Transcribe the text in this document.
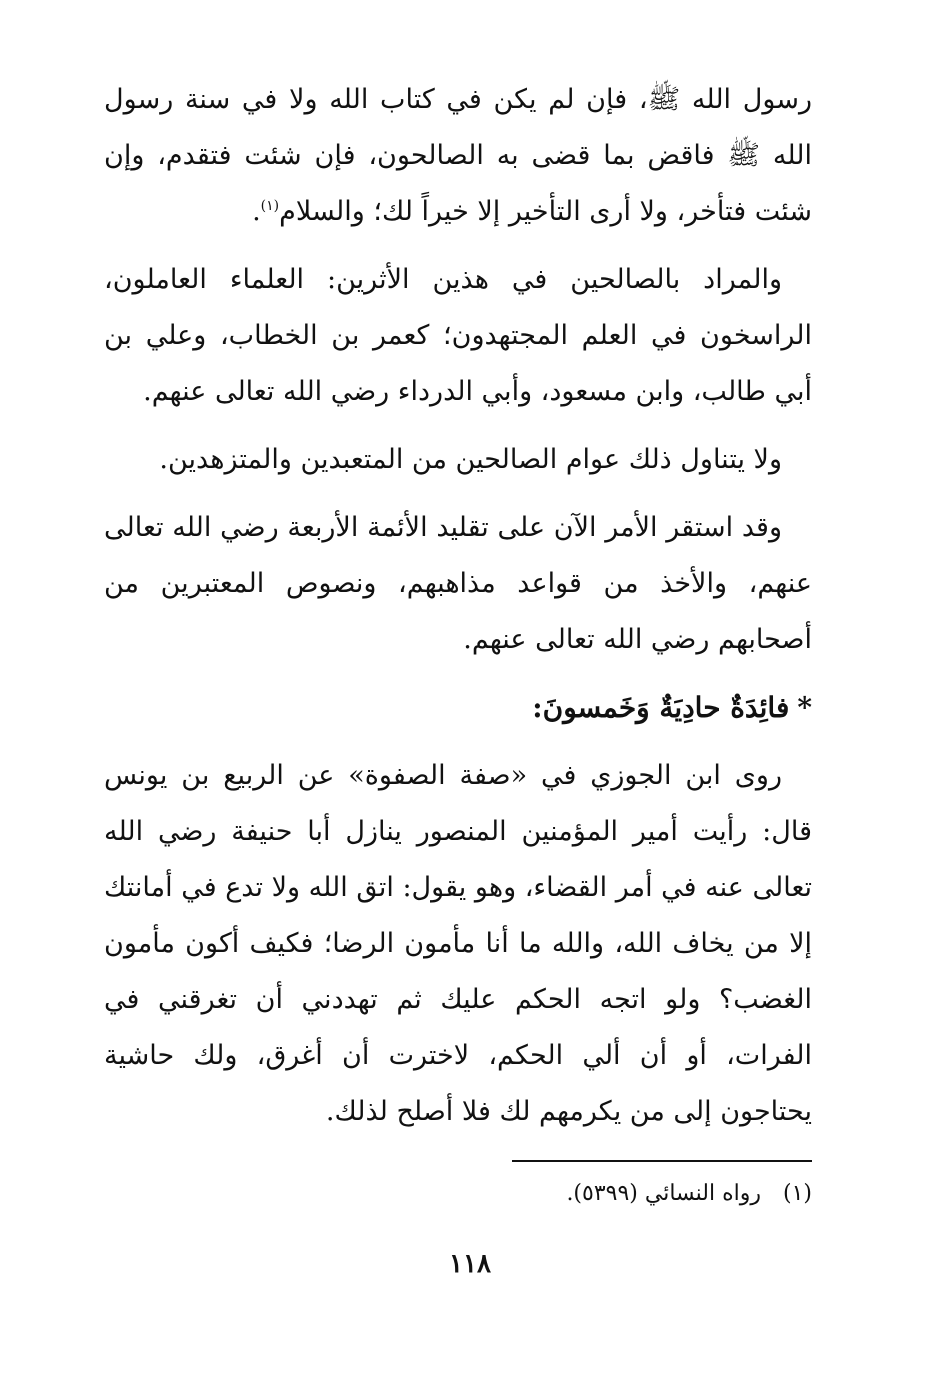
رسول الله ﷺ، فإن لم يكن في كتاب الله ولا في سنة رسول الله ﷺ فاقض بما قضى به الصالحون، فإن شئت فتقدم، وإن شئت فتأخر، ولا أرى التأخير إلا خيراً لك؛ والسلام$^{(١)}$.

والمراد بالصالحين في هذين الأثرين: العلماء العاملون، الراسخون في العلم المجتهدون؛ كعمر بن الخطاب، وعلي بن أبي طالب، وابن مسعود، وأبي الدرداء رضي الله تعالى عنهم.

ولا يتناول ذلك عوام الصالحين من المتعبدين والمتزهدين.

وقد استقر الأمر الآن على تقليد الأئمة الأربعة رضي الله تعالى عنهم، والأخذ من قواعد مذاهبهم، ونصوص المعتبرين من أصحابهم رضي الله تعالى عنهم.

*فائِدَةٌ حادِيَةٌ وَخَمسونَ:

روى ابن الجوزي في «صفة الصفوة» عن الربيع بن يونس قال: رأيت أمير المؤمنين المنصور ينازل أبا حنيفة رضي الله تعالى عنه في أمر القضاء، وهو يقول: اتق الله ولا تدع في أمانتك إلا من يخاف الله، والله ما أنا مأمون الرضا؛ فكيف أكون مأمون الغضب؟ ولو اتجه الحكم عليك ثم تهددني أن تغرقني في الفرات، أو أن ألي الحكم، لاخترت أن أغرق، ولك حاشية يحتاجون إلى من يكرمهم لك فلا أصلح لذلك.

(١)رواه النسائي (٥٣٩٩).
١١٨
